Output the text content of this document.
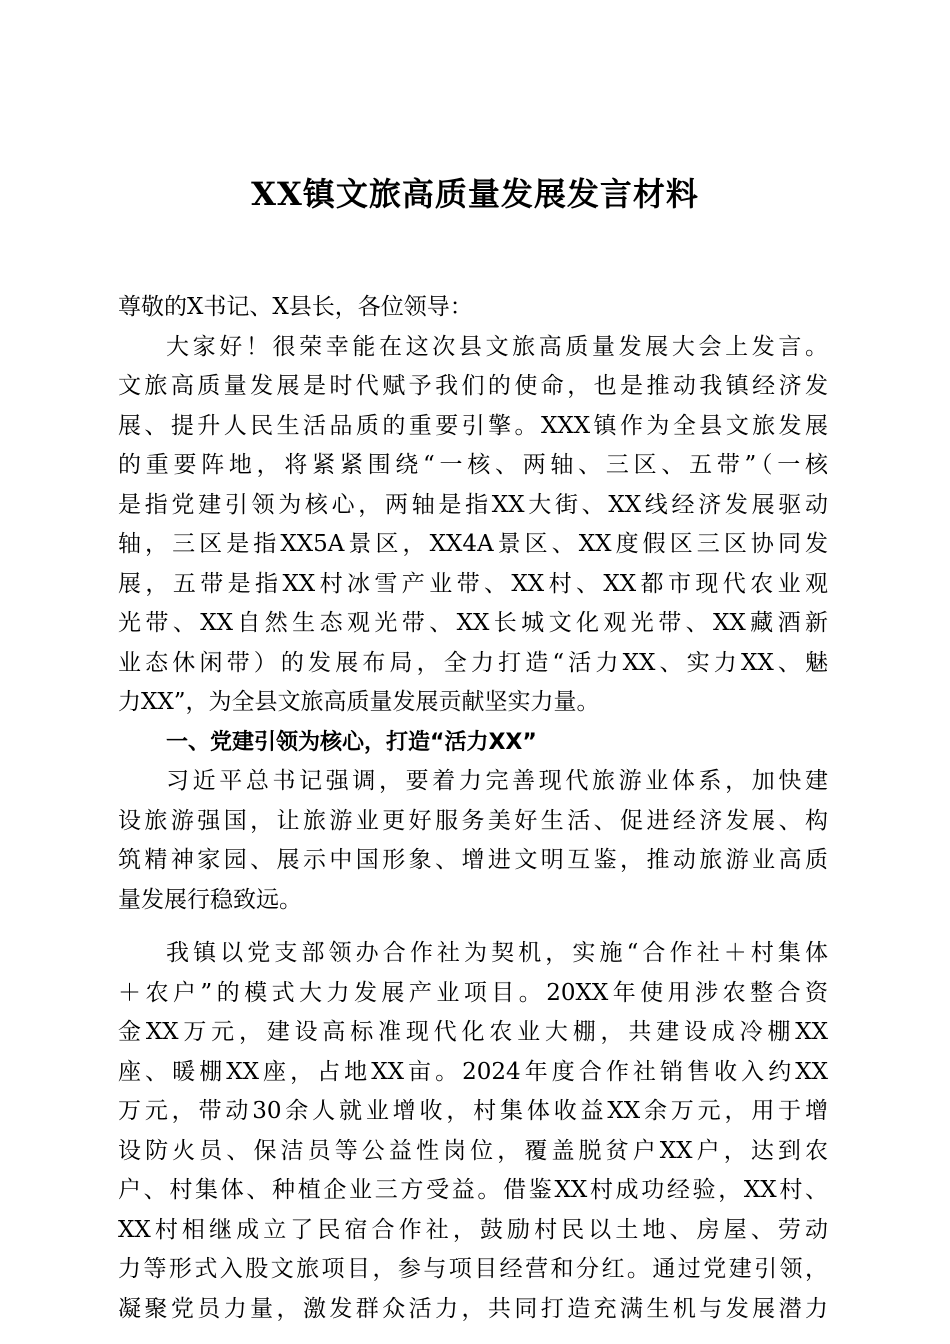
XX镇文旅高质量发展发言材料
尊敬的X书记、X县长，各位领导：
大家好！很荣幸能在这次县文旅高质量发展大会上发言。
文旅高质量发展是时代赋予我们的使命，也是推动我镇经济发
展、提升人民生活品质的重要引擎。XXX镇作为全县文旅发展
的重要阵地，将紧紧围绕“一核、两轴、三区、五带”（一核
是指党建引领为核心，两轴是指XX大街、XX线经济发展驱动
轴，三区是指XX5A景区，XX4A景区、XX度假区三区协同发
展，五带是指XX村冰雪产业带、XX村、XX都市现代农业观
光带、XX自然生态观光带、XX长城文化观光带、XX藏酒新
业态休闲带）的发展布局，全力打造“活力XX、实力XX、魅
力XX”，为全县文旅高质量发展贡献坚实力量。
一、党建引领为核心，打造“活力XX”
习近平总书记强调，要着力完善现代旅游业体系，加快建
设旅游强国，让旅游业更好服务美好生活、促进经济发展、构
筑精神家园、展示中国形象、增进文明互鉴，推动旅游业高质
量发展行稳致远。
我镇以党支部领办合作社为契机，实施“合作社＋村集体
＋农户”的模式大力发展产业项目。20XX年使用涉农整合资
金XX万元，建设高标准现代化农业大棚，共建设成冷棚XX
座、暖棚XX座，占地XX亩。2024年度合作社销售收入约XX
万元，带动30余人就业增收，村集体收益XX余万元，用于增
设防火员、保洁员等公益性岗位，覆盖脱贫户XX户，达到农
户、村集体、种植企业三方受益。借鉴XX村成功经验，XX村、
XX村相继成立了民宿合作社，鼓励村民以土地、房屋、劳动
力等形式入股文旅项目，参与项目经营和分红。通过党建引领，
凝聚党员力量，激发群众活力，共同打造充满生机与发展潜力
